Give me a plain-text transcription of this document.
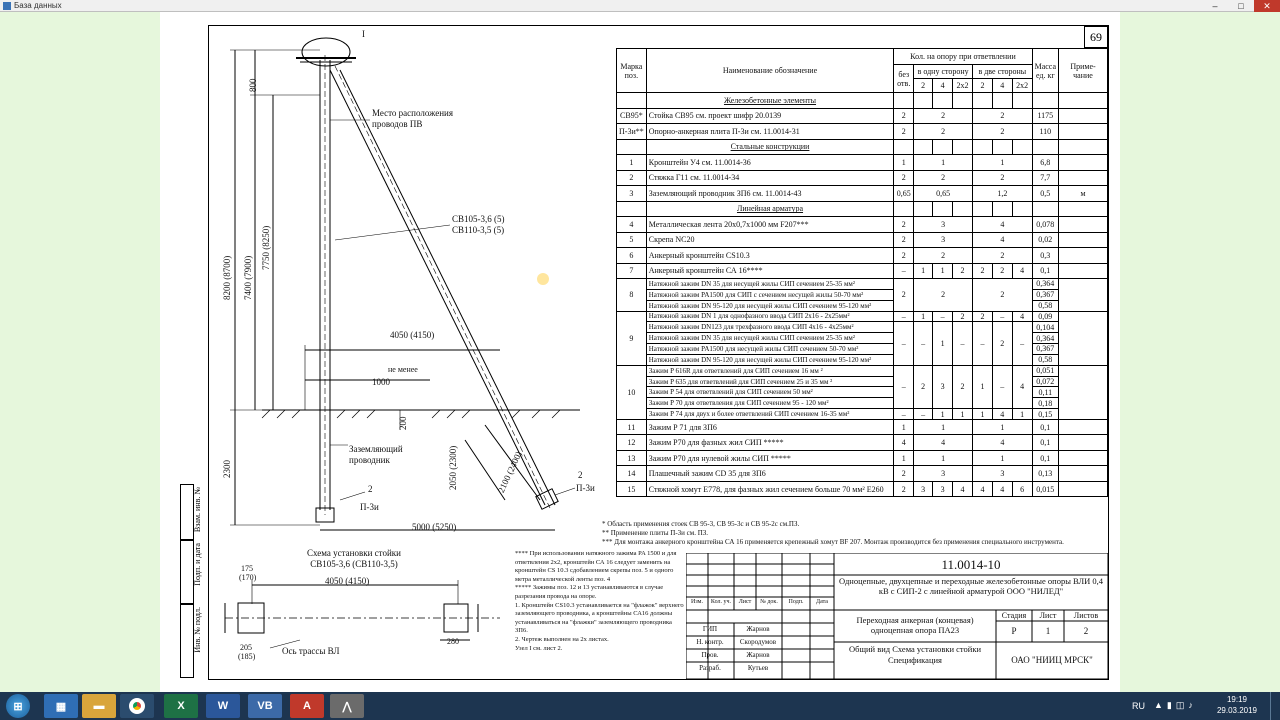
База данных	–	□	✕
69
800
8200 (8700) 7400 (7900)
7750 (8250)
2300
200
2050 (2300)	2100 (2400)
I
Место расположения проводов ПВ
СВ105-3,6 (5) СВ110-3,5 (5)
4050 (4150)
не менее
1000
Заземляющий проводник
2
П-3и
2
П-3и
5000 (5250)
Схема установки стойки СВ105-3,6 (СВ110-3,5)
4050 (4150)
175
(170)
205
(185)
280
Ось трассы ВЛ
Взам. инв. №
Подп. и дата
Инв. № подл.
Марка поз.	Наименование обозначение	Кол. на опору при ответвлении							Масса ед. кг	Приме-чание
		без отв.	в одну сторону			в две стороны				
			2	4	2х2	2	4	2х2		
	Железобетонные элементы									
СВ95*	Стойка СВ95 см. проект шифр 20.0139	2	2			2			1175	
П-3и**	Опорно-анкерная плита П-3и см. 11.0014-31	2	2			2			110	
	Стальные конструкции									
1	Кронштейн У4 см. 11.0014-36	1	1			1			6,8	
2	Стяжка Г11 см. 11.0014-34	2	2			2			7,7	
3	Заземляющий проводник ЗП6 см. 11.0014-43	0,65	0,65			1,2			0,5	м
	Линейная арматура									
4	Металлическая лента 20х0,7х1000 мм F207***	2	3			4			0,078	
5	Скрепа NC20	2	3			4			0,02	
6	Анкерный кронштейн CS10.3	2	2			2			0,3	
7	Анкерный кронштейн СА 16****	–	1	1	2	2	2	4	0,1	
8	Натяжной зажим DN 35 для несущей жилы СИП сечением 25-35 мм²	2	2			2			0,364	
	Натяжной зажим PA1500 для СИП с сечением несущей жилы 50-70 мм²								0,367	
	Натяжной зажим DN 95-120 для несущей жилы СИП сечением 95-120 мм²								0,58	
9	Натяжной зажим DN 1 для однофазного ввода СИП 2х16 - 2х25мм²	–	1	–	2	2	–	4	0,09	
	Натяжной зажим DN123 для трехфазного ввода СИП 4х16 - 4х25мм²	–	–	1	–	–	2	–	0,104	
	Натяжной зажим DN 35 для несущей жилы СИП сечением 25-35 мм²								0,364	
	Натяжной зажим PA1500 для несущей жилы СИП сечением 50-70 мм²								0,367	
	Натяжной зажим DN 95-120 для несущей жилы СИП сечением 95-120 мм²								0,58	
10	Зажим P 616R для ответвлений для СИП сечением 16 мм ²	–	2	3	2	1	–	4	0,051	
	Зажим P 635 для ответвлений для СИП сечением 25 и 35 мм ²								0,072	
	Зажим P 54 для ответвлений для СИП сечением 50 мм²								0,11	
	Зажим P 70 для ответвления для СИП сечением 95 - 120 мм²								0,18	
	Зажим P 74 для двух и более ответвлений СИП сечением 16-35 мм²	–	–	1	1	1	4	1	0,15	
11	Зажим P 71 для ЗП6	1	1			1			0,1	
12	Зажим P70 для фазных жил СИП *****	4	4			4			0,1	
13	Зажим P70 для нулевой жилы СИП *****	1	1			1			0,1	
14	Плашечный зажим CD 35 для ЗП6	2	3			3			0,13	
15	Стяжной хомут Е778, для фазных жил сечением больше 70 мм² Е260	2	3	3	4	4	4	6	0,015	
* Область применения стоек СВ 95-3, СВ 95-3с и СВ 95-2с см.ПЗ.
** Применение плиты П-3и см. ПЗ.
*** Для монтажа анкерного кронштейна СА 16 применяется крепежный хомут BF 207. Монтаж производится без применения специального инструмента.
**** При использовании натяжного зажима PA 1500 и для ответвления 2х2, кронштейн СА 16 следует заменить на кронштейн CS 10.3 сдобавлением скрепы поз. 5 и одного метра металлической ленты поз. 4
***** Зажимы поз. 12 и 13 устанавливаются в случае разрезания провода на опоре.
1. Кронштейн CS10.3 устанавливается на "флажок" верхнего заземляющего проводника, а кронштейны СА16 должны устанавливаться на "флажки" заземляющего проводника ЗП6.
2. Чертеж выполнен на 2х листах.
Узел I см. лист 2.
11.0014-10
Одноцепные, двухцепные и переходные железобетонные опоры ВЛИ 0,4 кВ с СИП-2 с линейной арматурой ООО "НИЛЕД"
Переходная анкерная (концевая) одноцепная опора ПА23
Общий вид Схема установки стойки Спецификация	ОАО "НИИЦ МРСК"
Стадия	Лист	Листов
Р	1	2
Изм.	Кол. уч.	Лист	№ док.	Подп.	Дата
ГИП	Жарнов
Н. контр.	Скородумов
Пров.	Жарнов
Разраб.	Кутьев
⊞	▦	▬	X	W	VB	A	⋀	RU	▲▮◫♪
19:19
29.03.2019
